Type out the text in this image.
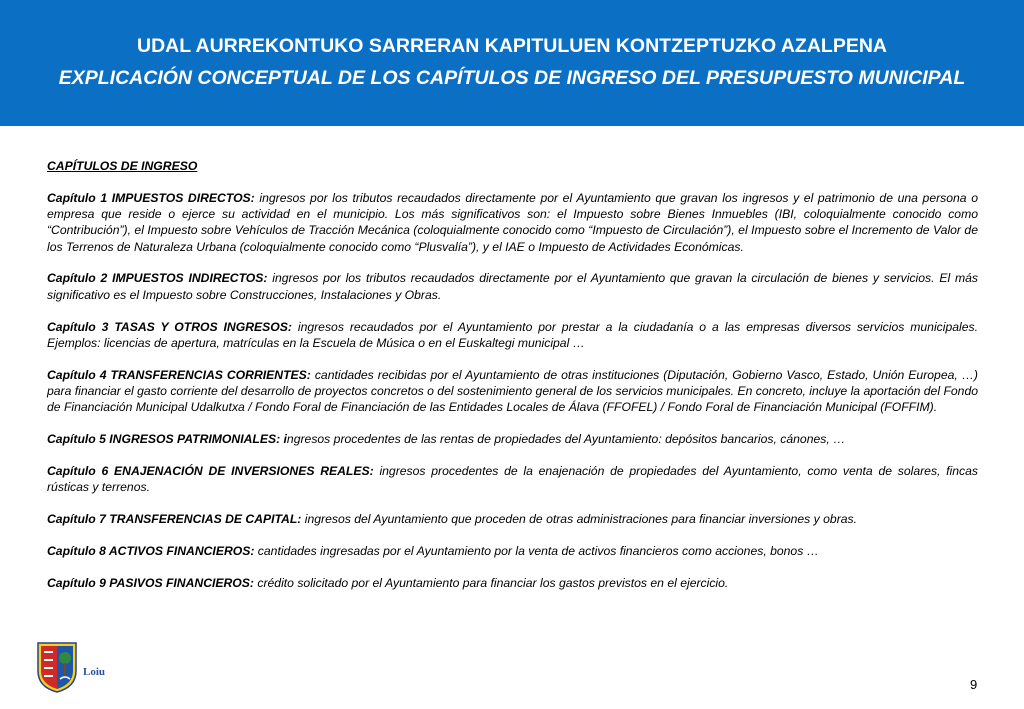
UDAL AURREKONTUKO SARRERAN KAPITULUEN KONTZEPTUZKO AZALPENA
EXPLICACIÓN CONCEPTUAL DE LOS CAPÍTULOS DE INGRESO DEL PRESUPUESTO MUNICIPAL
CAPÍTULOS DE INGRESO

Capítulo 1 IMPUESTOS DIRECTOS: ingresos por los tributos recaudados directamente por el Ayuntamiento que gravan los ingresos y el patrimonio de una persona o empresa que reside o ejerce su actividad en el municipio. Los más significativos son: el Impuesto sobre Bienes Inmuebles (IBI, coloquialmente conocido como “Contribución”), el Impuesto sobre Vehículos de Tracción Mecánica (coloquialmente conocido como “Impuesto de Circulación”), el Impuesto sobre el Incremento de Valor de los Terrenos de Naturaleza Urbana (coloquialmente conocido como “Plusvalía”), y el IAE o Impuesto de Actividades Económicas.

Capítulo 2 IMPUESTOS INDIRECTOS: ingresos por los tributos recaudados directamente por el Ayuntamiento que gravan la circulación de bienes y servicios. El más significativo es el Impuesto sobre Construcciones, Instalaciones y Obras.

Capítulo 3 TASAS Y OTROS INGRESOS: ingresos recaudados por el Ayuntamiento por prestar a la ciudadanía o a las empresas diversos servicios municipales. Ejemplos: licencias de apertura, matrículas en la Escuela de Música o en el Euskaltegi municipal …

Capítulo 4 TRANSFERENCIAS CORRIENTES: cantidades recibidas por el Ayuntamiento de otras instituciones (Diputación, Gobierno Vasco, Estado, Unión Europea, …) para financiar el gasto corriente del desarrollo de proyectos concretos o del sostenimiento general de los servicios municipales. En concreto, incluye la aportación del Fondo de Financiación Municipal Udalkutxa / Fondo Foral de Financiación de las Entidades Locales de Álava (FFOFEL) / Fondo Foral de Financiación Municipal (FOFFIM).

Capítulo 5 INGRESOS PATRIMONIALES: ingresos procedentes de las rentas de propiedades del Ayuntamiento: depósitos bancarios, cánones, …

Capítulo 6 ENAJENACIÓN DE INVERSIONES REALES: ingresos procedentes de la enajenación de propiedades del Ayuntamiento, como venta de solares, fincas rústicas y terrenos.

Capítulo 7 TRANSFERENCIAS DE CAPITAL: ingresos del Ayuntamiento que proceden de otras administraciones para financiar inversiones y obras.

Capítulo 8 ACTIVOS FINANCIEROS: cantidades ingresadas por el Ayuntamiento por la venta de activos financieros como acciones, bonos …

Capítulo 9 PASIVOS FINANCIEROS: crédito solicitado por el Ayuntamiento para financiar los gastos previstos en el ejercicio.

Loiu
9
